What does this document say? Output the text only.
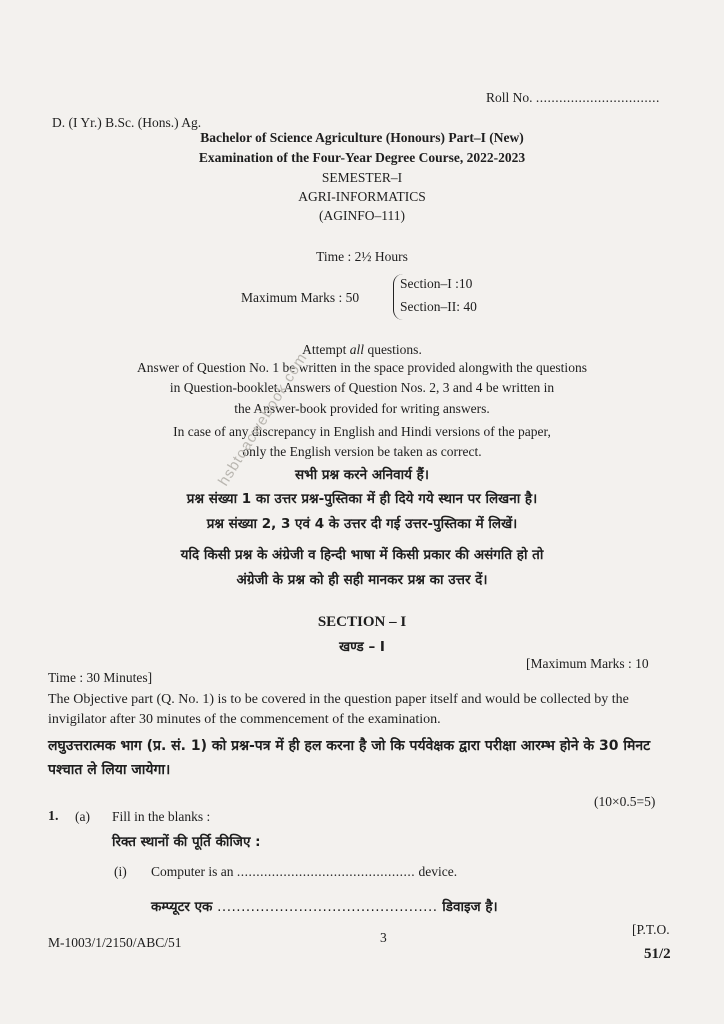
Roll No. ................................
D. (I Yr.) B.Sc. (Hons.) Ag.
Bachelor of Science Agriculture (Honours) Part–I (New)
Examination of the Four-Year Degree Course, 2022-2023
SEMESTER–I
AGRI-INFORMATICS
(AGINFO–111)
Time : 2½ Hours
Maximum Marks : 50
Section–I :10
Section–II: 40
Attempt all questions.
Answer of Question No. 1 be written in the space provided alongwith the questions
in Question-booklet. Answers of Question Nos. 2, 3 and 4 be written in
the Answer-book provided for writing answers.
In case of any discrepancy in English and Hindi versions of the paper,
only the English version be taken as correct.
सभी प्रश्न करने अनिवार्य हैं।
प्रश्न संख्या 1 का उत्तर प्रश्न-पुस्तिका में ही दिये गये स्थान पर लिखना है।
प्रश्न संख्या 2, 3 एवं 4 के उत्तर दी गई उत्तर-पुस्तिका में लिखें।
यदि किसी प्रश्न के अंग्रेजी व हिन्दी भाषा में किसी प्रकार की असंगति हो तो
अंग्रेजी के प्रश्न को ही सही मानकर प्रश्न का उत्तर दें।
hsbtoacwebook.com
SECTION – I
खण्ड – I
Time : 30 Minutes]
[Maximum Marks : 10
The Objective part (Q. No. 1) is to be covered in the question paper itself and would be collected by the invigilator after 30 minutes of the commencement of the examination.
लघुउत्तरात्मक भाग (प्र. सं. 1) को प्रश्न-पत्र में ही हल करना है जो कि पर्यवेक्षक द्वारा परीक्षा आरम्भ होने के 30 मिनट पश्चात ले लिया जायेगा।
1. (a) Fill in the blanks :
(10×0.5=5)
रिक्त स्थानों की पूर्ति कीजिए :
(i) Computer is an .............................................. device.
कम्प्यूटर एक .............................................. डिवाइज है।
M-1003/1/2150/ABC/51	3
[P.T.O.
51/2
